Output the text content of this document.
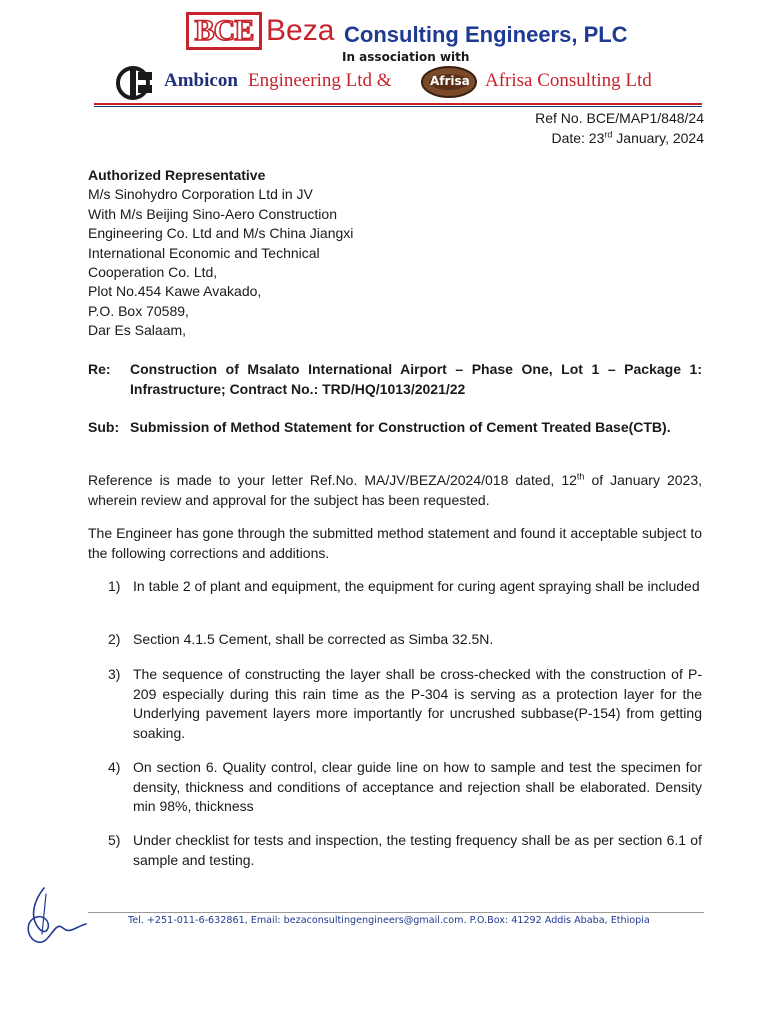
BCE Beza Consulting Engineers, PLC
In association with
Ambicon Engineering Ltd &	Afrisa Afrisa Consulting Ltd
Ref No. BCE/MAP1/848/24
Date: 23rd January, 2024
Authorized Representative
M/s Sinohydro Corporation Ltd in JV
With M/s Beijing Sino-Aero Construction
Engineering Co. Ltd and M/s China Jiangxi
International Economic and Technical
Cooperation Co. Ltd,
Plot No.454 Kawe Avakado,
P.O. Box 70589,
Dar Es Salaam,
Re:	Construction of Msalato International Airport – Phase One, Lot 1 – Package 1: Infrastructure; Contract No.: TRD/HQ/1013/2021/22
Sub: Submission of Method Statement for Construction of Cement Treated Base(CTB).
Reference is made to your letter Ref.No. MA/JV/BEZA/2024/018 dated, 12th of January 2023, wherein review and approval for the subject has been requested.
The Engineer has gone through the submitted method statement and found it acceptable subject to the following corrections and additions.
1) In table 2 of plant and equipment, the equipment for curing agent spraying shall be included
2) Section 4.1.5 Cement, shall be corrected as Simba 32.5N.
3) The sequence of constructing the layer shall be cross-checked with the construction of P-209 especially during this rain time as the P-304 is serving as a protection layer for the Underlying pavement layers more importantly for uncrushed subbase(P-154) from getting soaking.
4) On section 6. Quality control, clear guide line on how to sample and test the specimen for density, thickness and conditions of acceptance and rejection shall be elaborated. Density min 98%, thickness
5) Under checklist for tests and inspection, the testing frequency shall be as per section 6.1 of sample and testing.
Tel. +251-011-6-632861, Email: bezaconsultingengineers@gmail.com. P.O.Box: 41292 Addis Ababa, Ethiopia
